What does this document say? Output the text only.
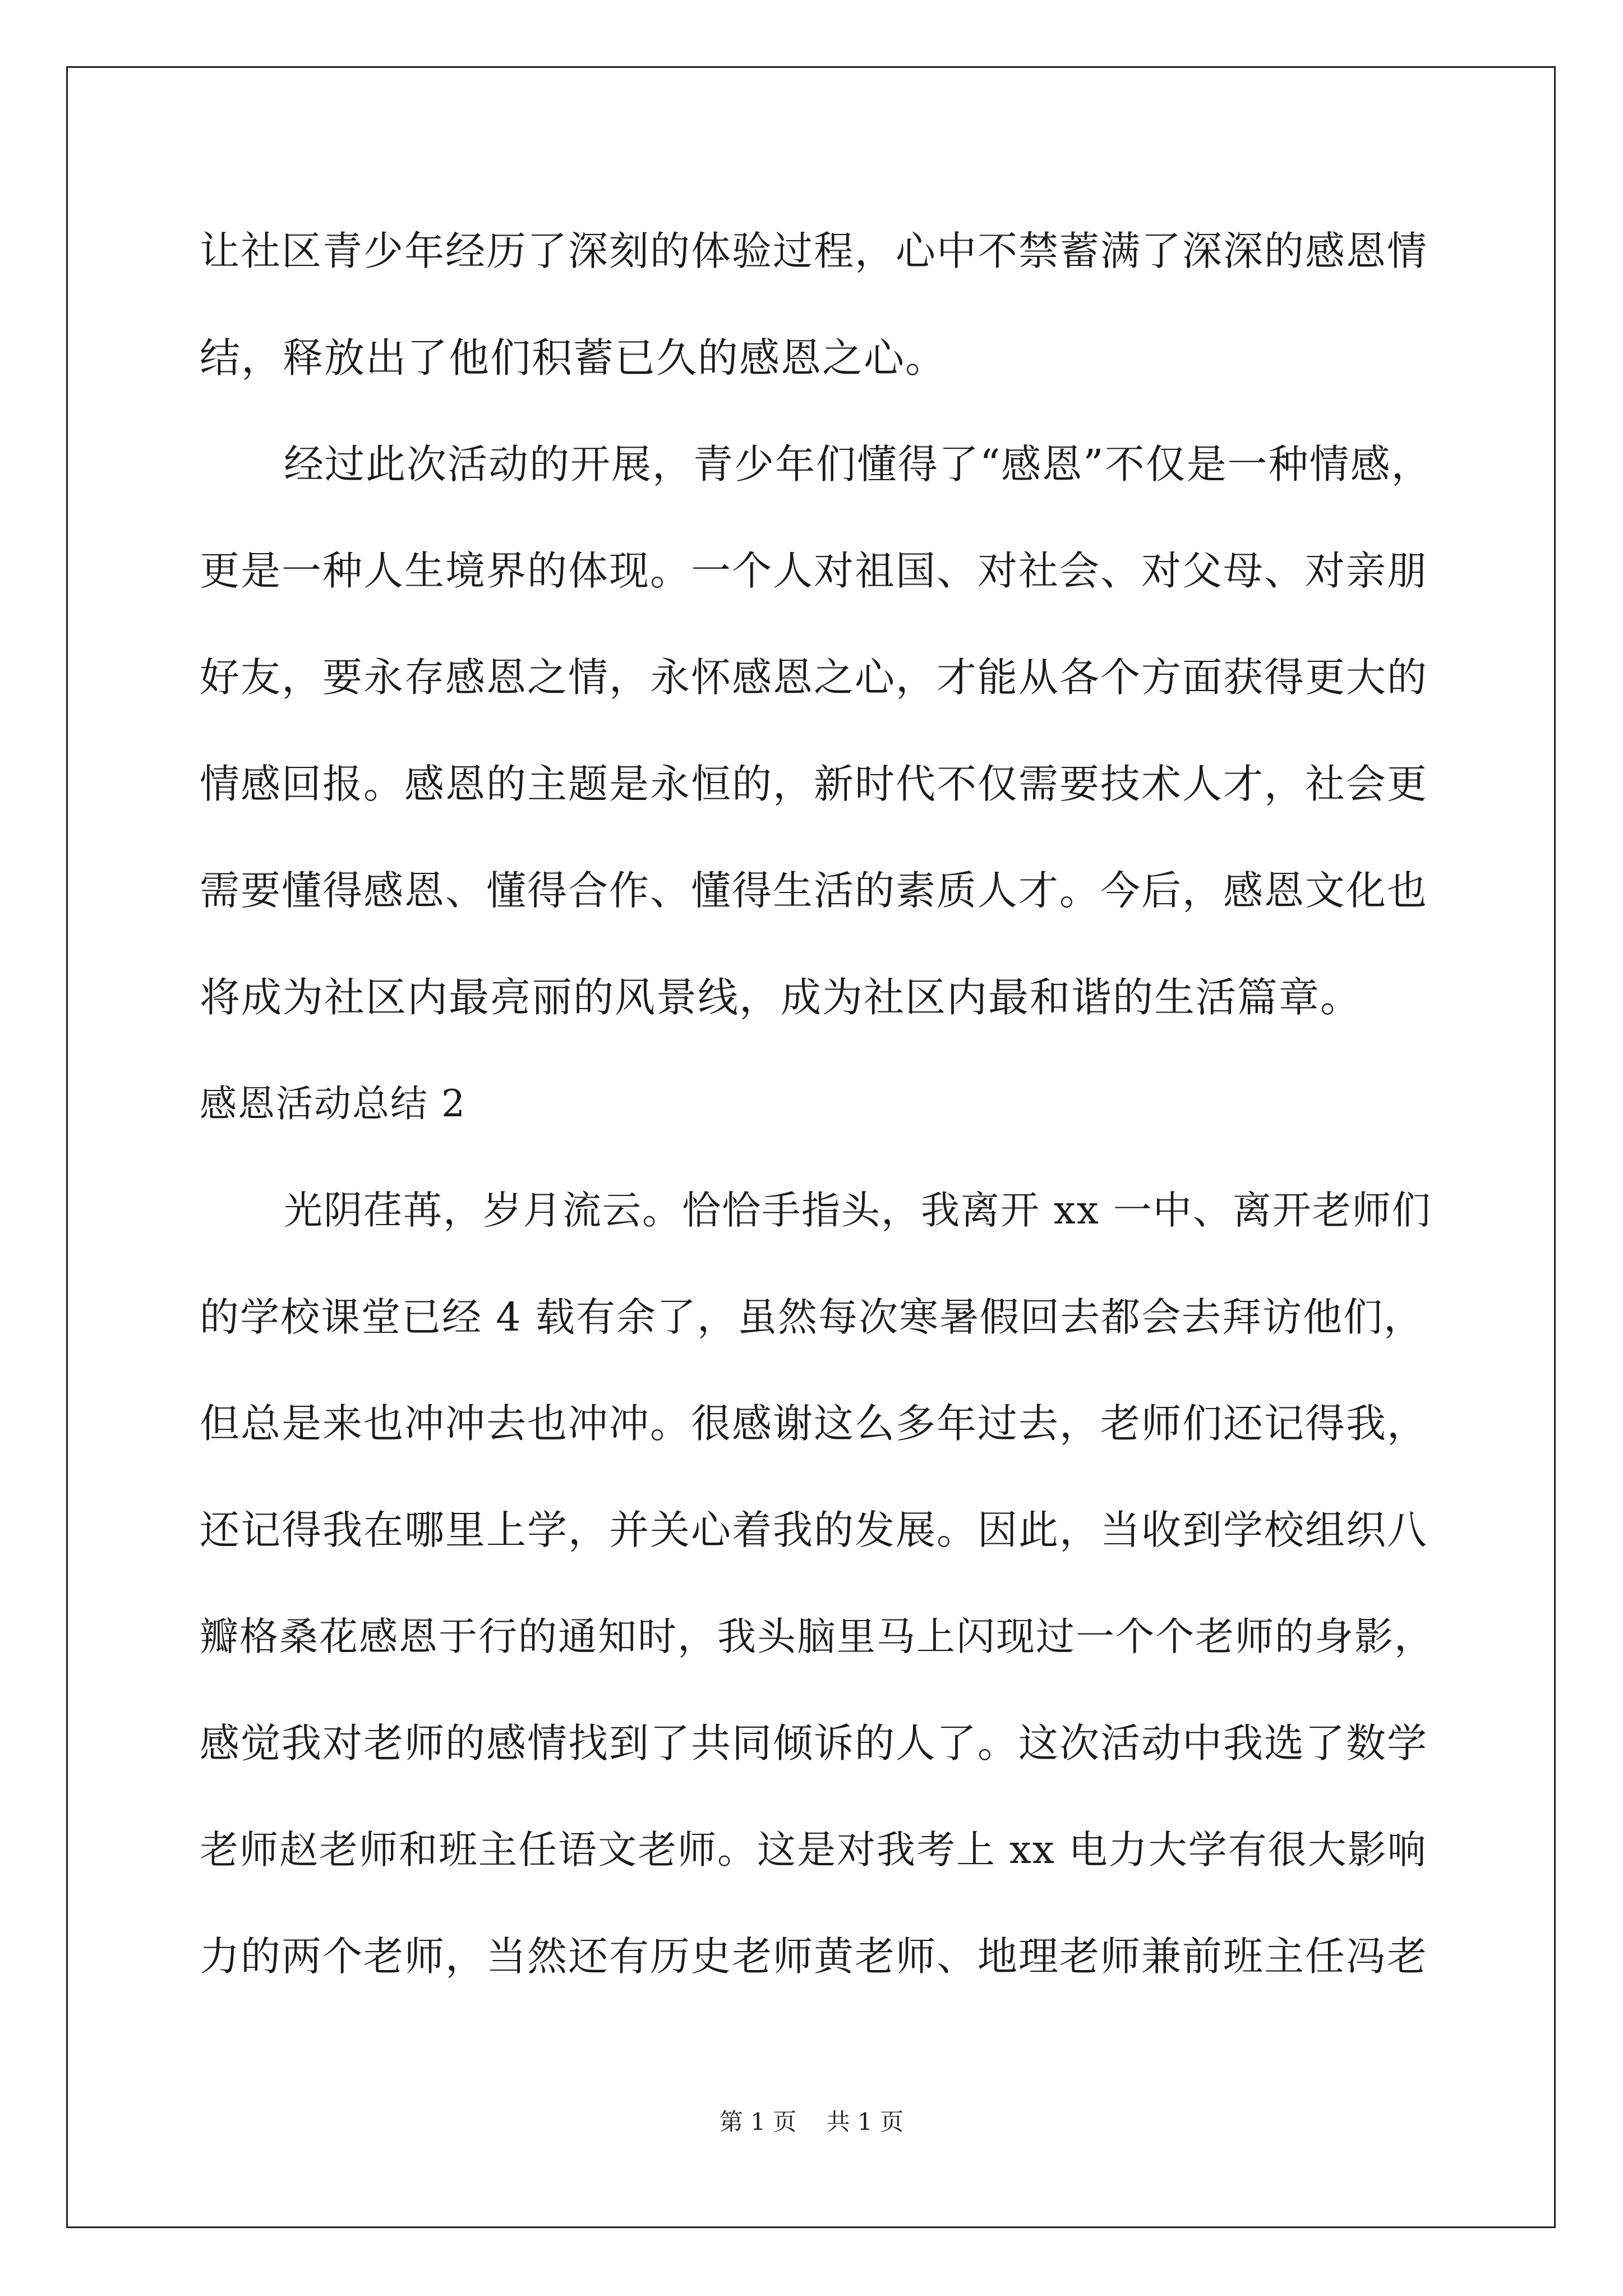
让社区青少年经历了深刻的体验过程，心中不禁蓄满了深深的感恩情
结，释放出了他们积蓄已久的感恩之心。
经过此次活动的开展，青少年们懂得了“感恩”不仅是一种情感，
更是一种人生境界的体现。一个人对祖国、对社会、对父母、对亲朋
好友，要永存感恩之情，永怀感恩之心，才能从各个方面获得更大的
情感回报。感恩的主题是永恒的，新时代不仅需要技术人才，社会更
需要懂得感恩、懂得合作、懂得生活的素质人才。今后，感恩文化也
将成为社区内最亮丽的风景线，成为社区内最和谐的生活篇章。
感恩活动总结 2
光阴荏苒，岁月流云。恰恰手指头，我离开 xx 一中、离开老师们
的学校课堂已经 4 载有余了，虽然每次寒暑假回去都会去拜访他们，
但总是来也冲冲去也冲冲。很感谢这么多年过去，老师们还记得我，
还记得我在哪里上学，并关心着我的发展。因此，当收到学校组织八
瓣格桑花感恩于行的通知时，我头脑里马上闪现过一个个老师的身影，
感觉我对老师的感情找到了共同倾诉的人了。这次活动中我选了数学
老师赵老师和班主任语文老师。这是对我考上 xx 电力大学有很大影响
力的两个老师，当然还有历史老师黄老师、地理老师兼前班主任冯老
第 1 页    共 1 页
